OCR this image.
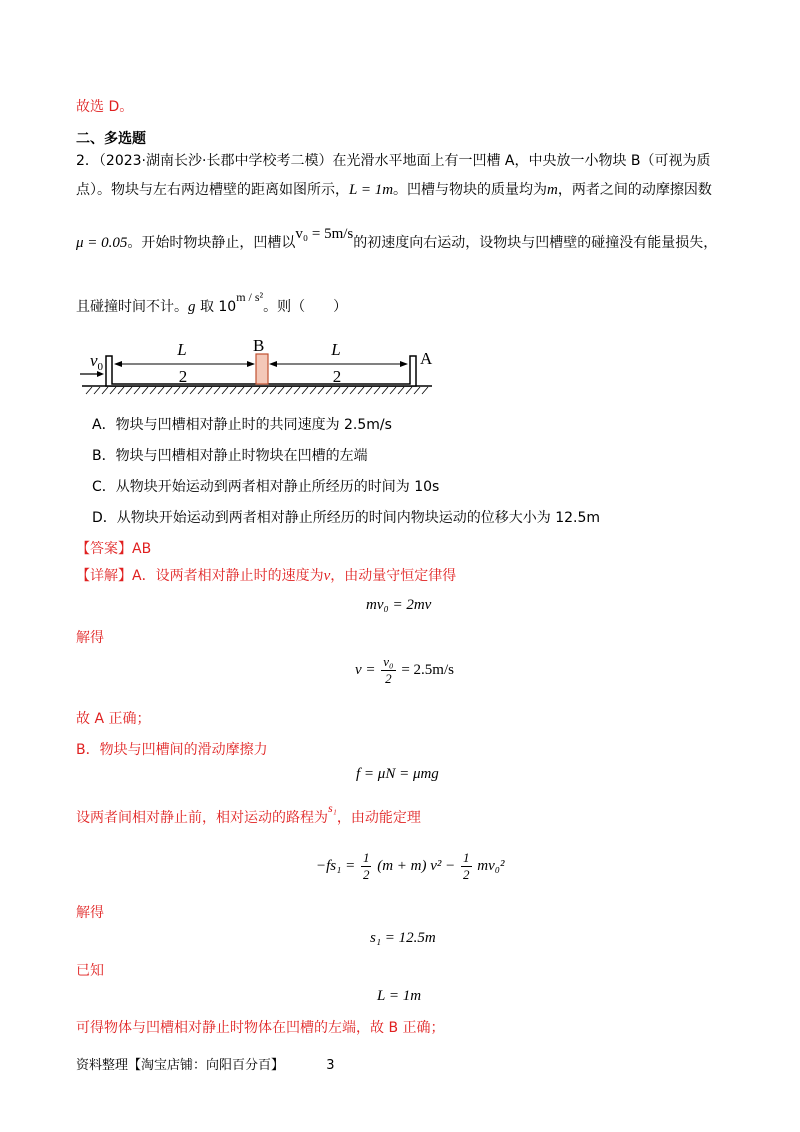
故选 D。
二、多选题
2．（2023·湖南长沙·长郡中学校考二模）在光滑水平地面上有一凹槽 A，中央放一小物块 B（可视为质
点）。物块与左右两边槽壁的距离如图所示，L = 1m。凹槽与物块的质量均为m，两者之间的动摩擦因数
μ = 0.05。开始时物块静止，凹槽以v₀ = 5m/s的初速度向右运动，设物块与凹槽壁的碰撞没有能量损失，
且碰撞时间不计。g 取 10m / s²。则（　　）
$v_0$
B
A
L
2
L
2
A．物块与凹槽相对静止时的共同速度为 2.5m/s
B．物块与凹槽相对静止时物块在凹槽的左端
C．从物块开始运动到两者相对静止所经历的时间为 10s
D．从物块开始运动到两者相对静止所经历的时间内物块运动的位移大小为 12.5m
【答案】AB
【详解】A．设两者相对静止时的速度为v，由动量守恒定律得
mv₀ = 2mv
解得
$v = \frac{\text{v₀}}{2} = 2.5m/s$
故 A 正确；
B．物块与凹槽间的滑动摩擦力
f = μN = μmg
设两者间相对静止前，相对运动的路程为s₁，由动能定理
$-fs_1 = \frac{1}{2} (m + m) v^2 - \frac{1}{2} mv_0^2$
解得
s₁ = 12.5m
已知
L = 1m
可得物体与凹槽相对静止时物体在凹槽的左端，故 B 正确；
资料整理【淘宝店铺：向阳百分百】	3
